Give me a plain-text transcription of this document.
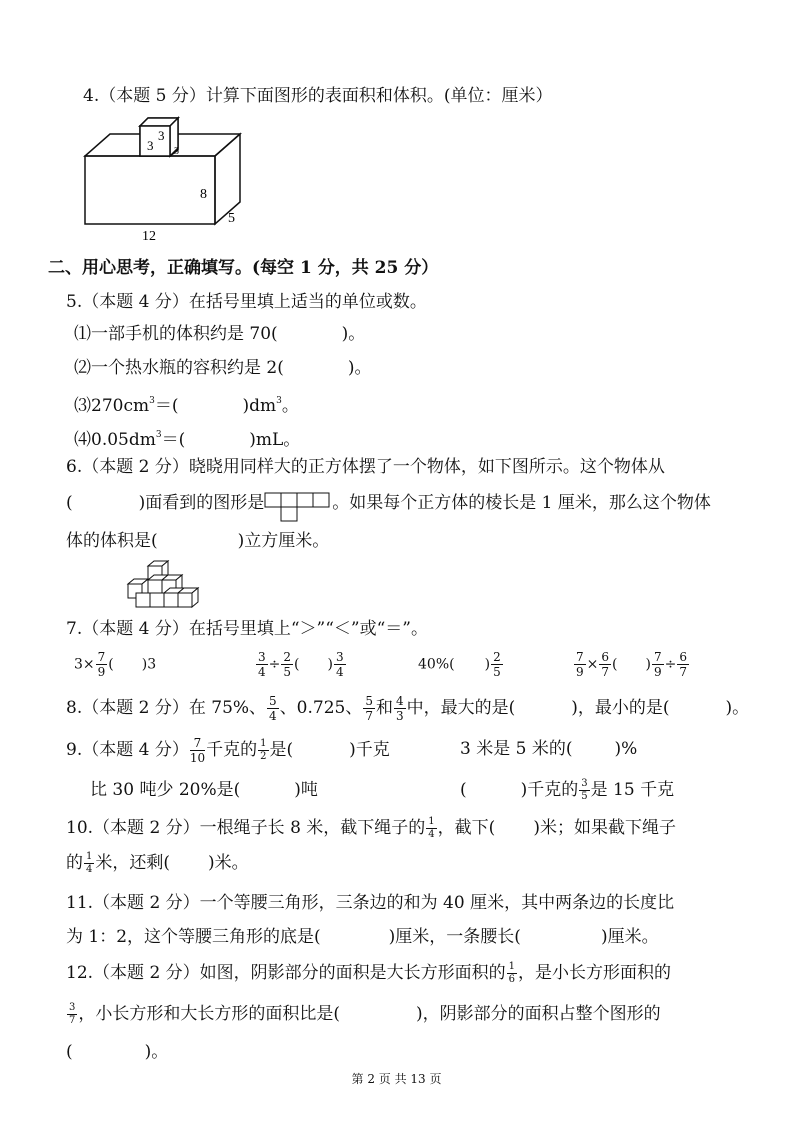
4.（本题 5 分）计算下面图形的表面积和体积。(单位：厘米）
3
3
3
8
5
12
二、用心思考，正确填写。(每空 1 分，共 25 分）
5.（本题 4 分）在括号里填上适当的单位或数。
⑴一部手机的体积约是 70(	)。
⑵一个热水瓶的容积约是 2(	)。
$⑶270cm^3=$(	)$dm^3$。
$⑷0.05dm^3=$(	)mL。
6.（本题 2 分）晓晓用同样大的正方体摆了一个物体，如下图所示。这个物体从
(	)面看到的图形是	。如果每个正方体的棱长是 1 厘米，那么这个物体
体的体积是(	)立方厘米。
7.（本题 4 分）在括号里填上“＞”“＜”或“＝”。
$3\times \frac{7}{9}$ ( )3	$\frac{3}{4} \div \frac{2}{5}$ ( ) $\frac{3}{4}$	40%( ) $\frac{2}{5}$	$\frac{7}{9} \times \frac{6}{7}$ ( ) $\frac{7}{9} \div \frac{6}{7}$
8.（本题 2 分）在 75%、 $\frac{5}{4}$ 、0.725、 $\frac{5}{7}$ 和 $\frac{4}{3}$ 中，最大的是(	)，最小的是(	)。
9.（本题 4 分） $\frac{7}{10}$ 千克的 $\frac{1}{2}$ 是(	)千克	3 米是 5 米的( )%
比 30 吨少 20%是(	)吨	(	)千克的 $\frac{3}{5}$ 是 15 千克
10.（本题 2 分）一根绳子长 8 米，截下绳子的 $\frac{1}{4}$ ，截下( )米；如果截下绳子
的 $\frac{1}{4}$ 米，还剩( )米。
11.（本题 2 分）一个等腰三角形，三条边的和为 40 厘米，其中两条边的长度比
为 1：2，这个等腰三角形的底是(	)厘米，一条腰长(	)厘米。
12.（本题 2 分）如图，阴影部分的面积是大长方形面积的 $\frac{1}{6}$ ，是小长方形面积的
$\frac{3}{7}$ ，小长方形和大长方形的面积比是(	)，阴影部分的面积占整个图形的
(	)。
第 2 页 共 13 页
